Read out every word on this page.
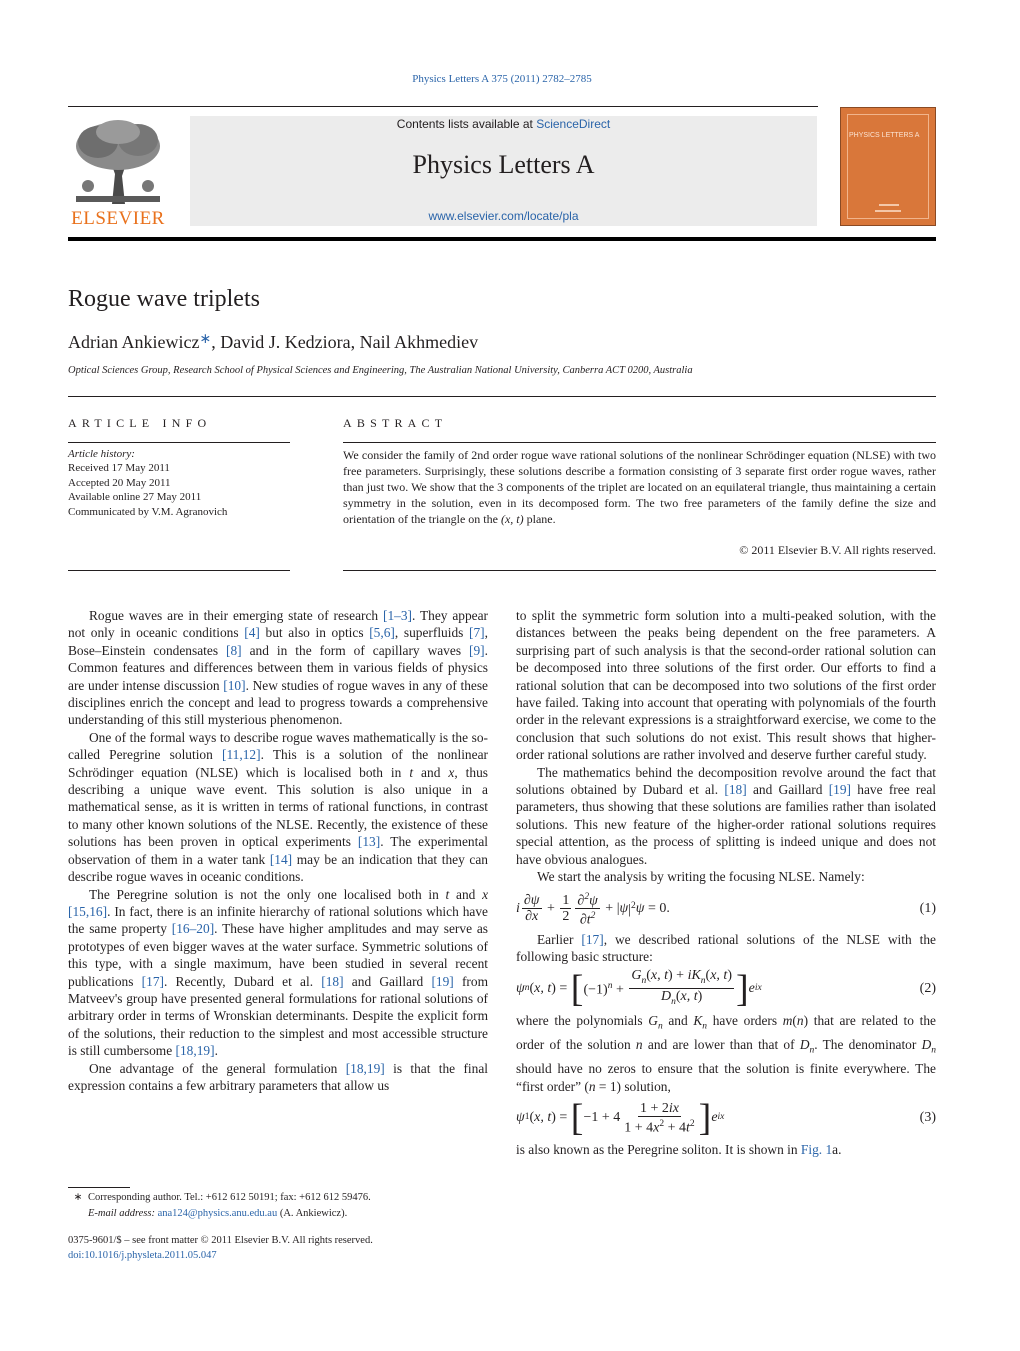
Physics Letters A 375 (2011) 2782–2785
ELSEVIER
Contents lists available at ScienceDirect
Physics Letters A
www.elsevier.com/locate/pla
PHYSICS LETTERS A
Rogue wave triplets
Adrian Ankiewicz∗, David J. Kedziora, Nail Akhmediev
Optical Sciences Group, Research School of Physical Sciences and Engineering, The Australian National University, Canberra ACT 0200, Australia
ARTICLE INFO	ABSTRACT
Article history:
Received 17 May 2011
Accepted 20 May 2011
Available online 27 May 2011
Communicated by V.M. Agranovich
We consider the family of 2nd order rogue wave rational solutions of the nonlinear Schrödinger equation (NLSE) with two free parameters. Surprisingly, these solutions describe a formation consisting of 3 separate first order rogue waves, rather than just two. We show that the 3 components of the triplet are located on an equilateral triangle, thus maintaining a certain symmetry in the solution, even in its decomposed form. The two free parameters of the family define the size and orientation of the triangle on the (x, t) plane.
© 2011 Elsevier B.V. All rights reserved.

Rogue waves are in their emerging state of research [1–3]. They appear not only in oceanic conditions [4] but also in optics [5,6], superfluids [7], Bose–Einstein condensates [8] and in the form of capillary waves [9]. Common features and differences between them in various fields of physics are under intense discussion [10]. New studies of rogue waves in any of these disciplines enrich the concept and lead to progress towards a comprehensive understanding of this still mysterious phenomenon.

One of the formal ways to describe rogue waves mathematically is the so-called Peregrine solution [11,12]. This is a solution of the nonlinear Schrödinger equation (NLSE) which is localised both in t and x, thus describing a unique wave event. This solution is also unique in a mathematical sense, as it is written in terms of rational functions, in contrast to many other known solutions of the NLSE. Recently, the existence of these solutions has been proven in optical experiments [13]. The experimental observation of them in a water tank [14] may be an indication that they can describe rogue waves in oceanic conditions.

The Peregrine solution is not the only one localised both in t and x [15,16]. In fact, there is an infinite hierarchy of rational solutions which have the same property [16–20]. These have higher amplitudes and may serve as prototypes of even bigger waves at the water surface. Symmetric solutions of this type, with a single maximum, have been studied in several recent publications [17]. Recently, Dubard et al. [18] and Gaillard [19] from Matveev's group have presented general formulations for rational solutions of arbitrary order in terms of Wronskian determinants. Despite the explicit form of the solutions, their reduction to the simplest and most accessible structure is still cumbersome [18,19].

One advantage of the general formulation [18,19] is that the final expression contains a few arbitrary parameters that allow us

to split the symmetric form solution into a multi-peaked solution, with the distances between the peaks being dependent on the free parameters. A surprising part of such analysis is that the second-order rational solution can be decomposed into three solutions of the first order. Our efforts to find a rational solution that can be decomposed into two solutions of the first order have failed. Taking into account that operating with polynomials of the fourth order in the relevant expressions is a straightforward exercise, we come to the conclusion that such solutions do not exist. This result shows that higher-order rational solutions are rather involved and deserve further careful study.

The mathematics behind the decomposition revolve around the fact that solutions obtained by Dubard et al. [18] and Gaillard [19] have free real parameters, thus showing that these solutions are families rather than isolated solutions. This new feature of the higher-order rational solutions requires special attention, as the process of splitting is indeed unique and does not have obvious analogues.

We start the analysis by writing the focusing NLSE. Namely:

i $\frac{\partial\psi}{\partial x} + \frac{1}{2} \frac{\partial^2\psi}{\partial t^2}$ + | ψ $|^2$ ψ = 0.	(1)

Earlier [17], we described rational solutions of the NLSE with the following basic structure:

ψ n ( x, t ) = [ $(-1)^n + \frac{G_n(x, t) + iK_n(x, t)}{D_n(x, t)}$ ] e ix	(2)

where the polynomials $G_n$ and $K_n$ have orders m(n) that are related to the order of the solution n and are lower than that of $D_n$. The denominator $D_n$ should have no zeros to ensure that the solution is finite everywhere. The “first order” (n = 1) solution,

ψ 1 ( x, t ) = [ $-1 + 4 \frac{1 + 2ix}{1 + 4x^2 + 4t^2}$ ] e ix	(3)

is also known as the Peregrine soliton. It is shown in Fig. 1a.

∗ Corresponding author. Tel.: +612 612 50191; fax: +612 612 59476.
E-mail address: ana124@physics.anu.edu.au (A. Ankiewicz).
0375-9601/$ – see front matter © 2011 Elsevier B.V. All rights reserved.
doi:10.1016/j.physleta.2011.05.047
